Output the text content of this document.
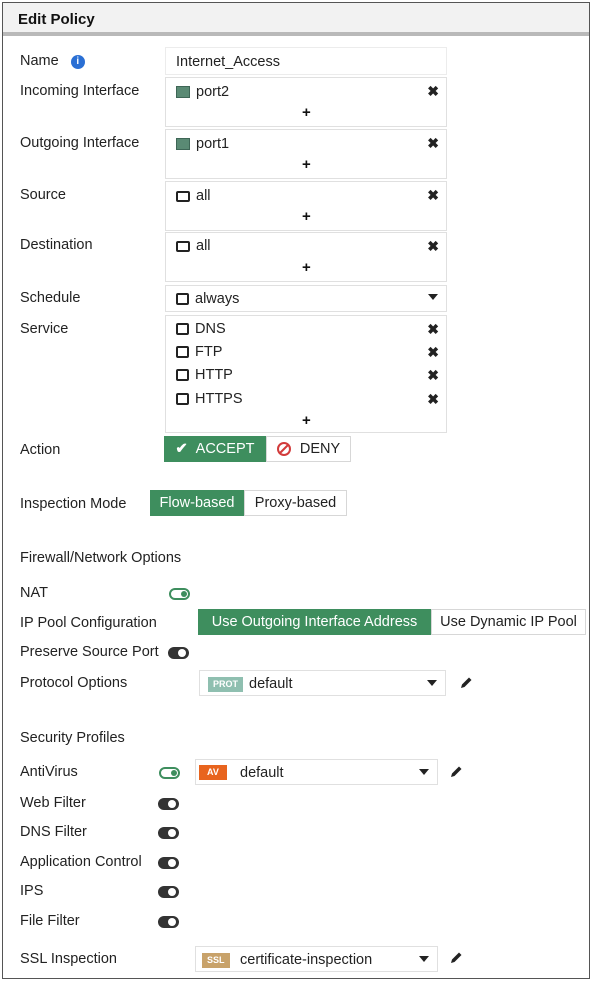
Edit Policy
Name i	Internet_Access
Incoming Interface	port2	✖
+
Outgoing Interface	port1	✖
+
Source	all	✖
+
Destination	all	✖
+
Schedule	always
Service	DNS	✖
FTP	✖
HTTP	✖
HTTPS	✖
+
Action	✔ ACCEPT	DENY
Inspection Mode	Flow-based	Proxy-based
Firewall/Network Options
NAT
IP Pool Configuration	Use Outgoing Interface Address	Use Dynamic IP Pool
Preserve Source Port
Protocol Options	PROT default
Security Profiles
AntiVirus	AV	default
Web Filter
DNS Filter
Application Control
IPS
File Filter
SSL Inspection	SSL	certificate-inspection
